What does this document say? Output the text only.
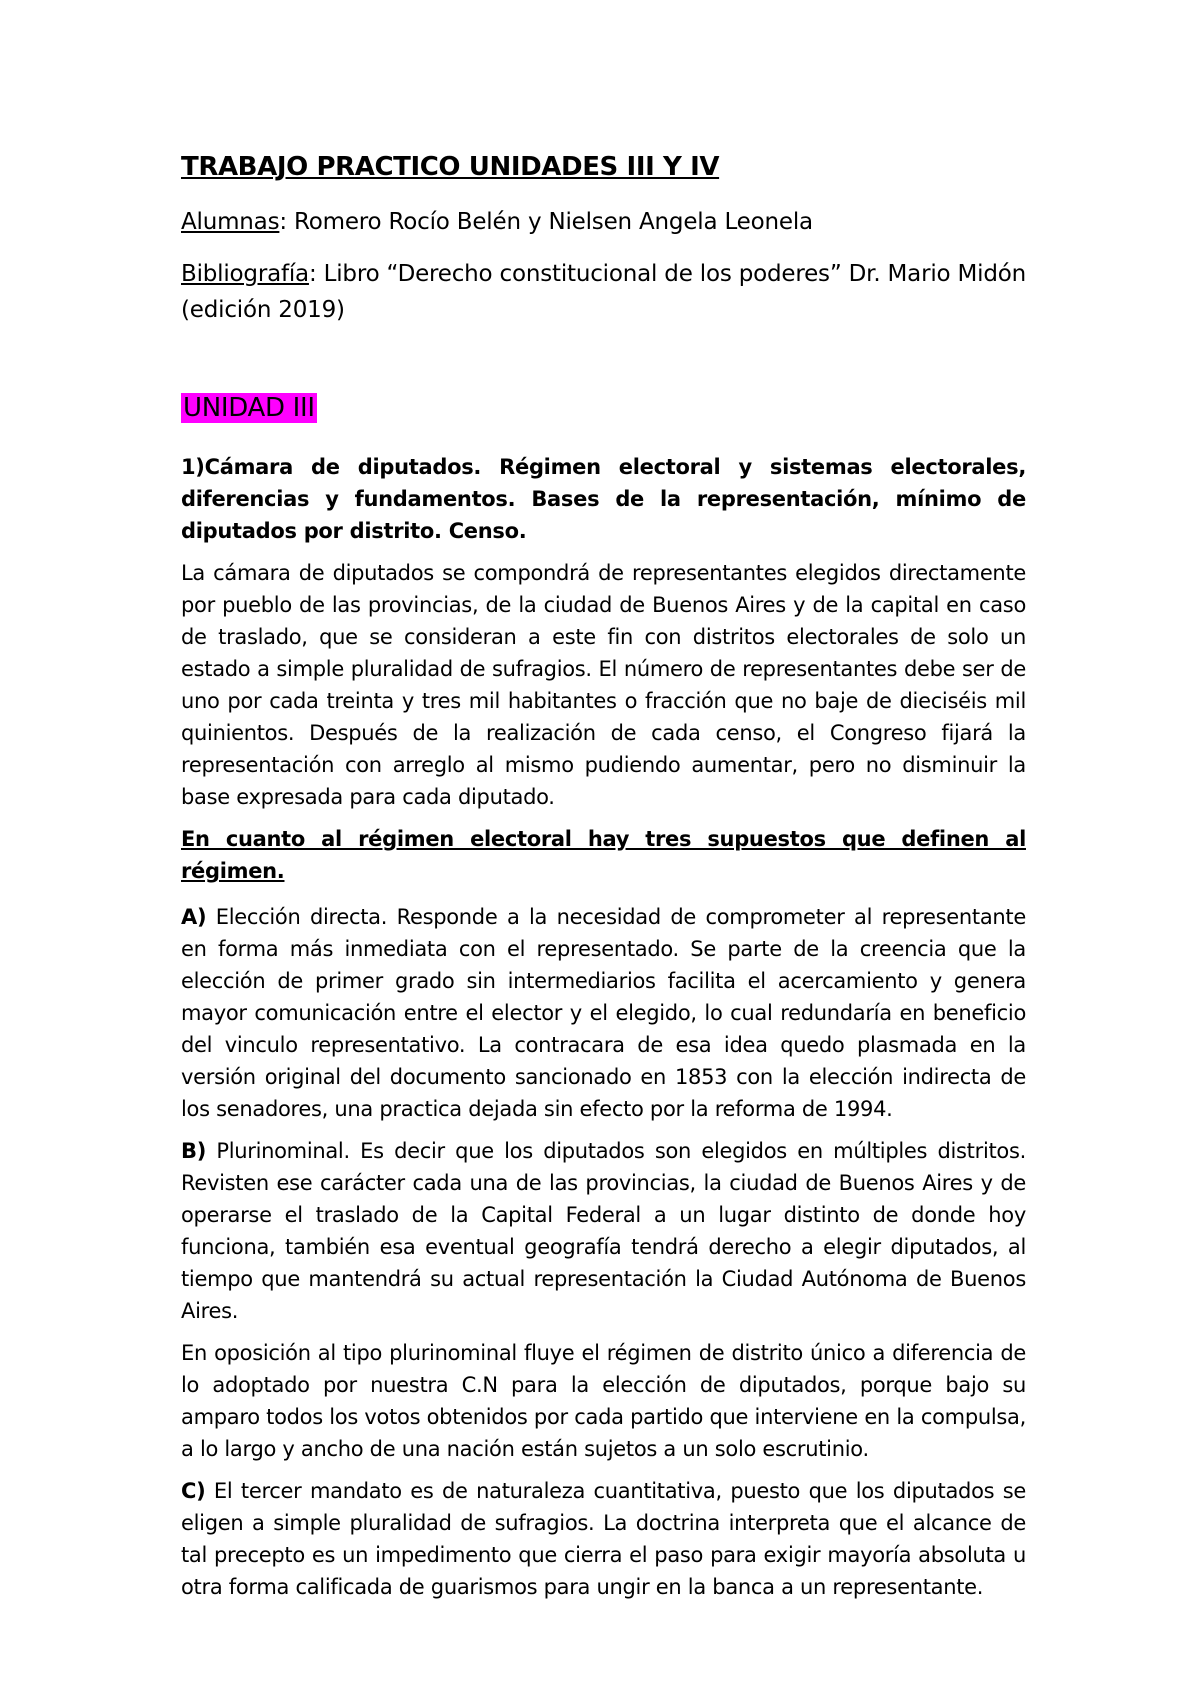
TRABAJO PRACTICO UNIDADES III Y IV
Alumnas: Romero Rocío Belén y Nielsen Angela Leonela
Bibliografía: Libro “Derecho constitucional de los poderes” Dr. Mario Midón (edición 2019)
UNIDAD III

1)Cámara de diputados. Régimen electoral y sistemas electorales, diferencias y fundamentos. Bases de la representación, mínimo de diputados por distrito. Censo.

La cámara de diputados se compondrá de representantes elegidos directamente por pueblo de las provincias, de la ciudad de Buenos Aires y de la capital en caso de traslado, que se consideran a este fin con distritos electorales de solo un estado a simple pluralidad de sufragios. El número de representantes debe ser de uno por cada treinta y tres mil habitantes o fracción que no baje de dieciséis mil quinientos. Después de la realización de cada censo, el Congreso fijará la representación con arreglo al mismo pudiendo aumentar, pero no disminuir la base expresada para cada diputado.

En cuanto al régimen electoral hay tres supuestos que definen al régimen.

A) Elección directa. Responde a la necesidad de comprometer al representante en forma más inmediata con el representado. Se parte de la creencia que la elección de primer grado sin intermediarios facilita el acercamiento y genera mayor comunicación entre el elector y el elegido, lo cual redundaría en beneficio del vinculo representativo. La contracara de esa idea quedo plasmada en la versión original del documento sancionado en 1853 con la elección indirecta de los senadores, una practica dejada sin efecto por la reforma de 1994.

B) Plurinominal. Es decir que los diputados son elegidos en múltiples distritos. Revisten ese carácter cada una de las provincias, la ciudad de Buenos Aires y de operarse el traslado de la Capital Federal a un lugar distinto de donde hoy funciona, también esa eventual geografía tendrá derecho a elegir diputados, al tiempo que mantendrá su actual representación la Ciudad Autónoma de Buenos Aires.

En oposición al tipo plurinominal fluye el régimen de distrito único a diferencia de lo adoptado por nuestra C.N para la elección de diputados, porque bajo su amparo todos los votos obtenidos por cada partido que interviene en la compulsa, a lo largo y ancho de una nación están sujetos a un solo escrutinio.

C) El tercer mandato es de naturaleza cuantitativa, puesto que los diputados se eligen a simple pluralidad de sufragios. La doctrina interpreta que el alcance de tal precepto es un impedimento que cierra el paso para exigir mayoría absoluta u otra forma calificada de guarismos para ungir en la banca a un representante.
